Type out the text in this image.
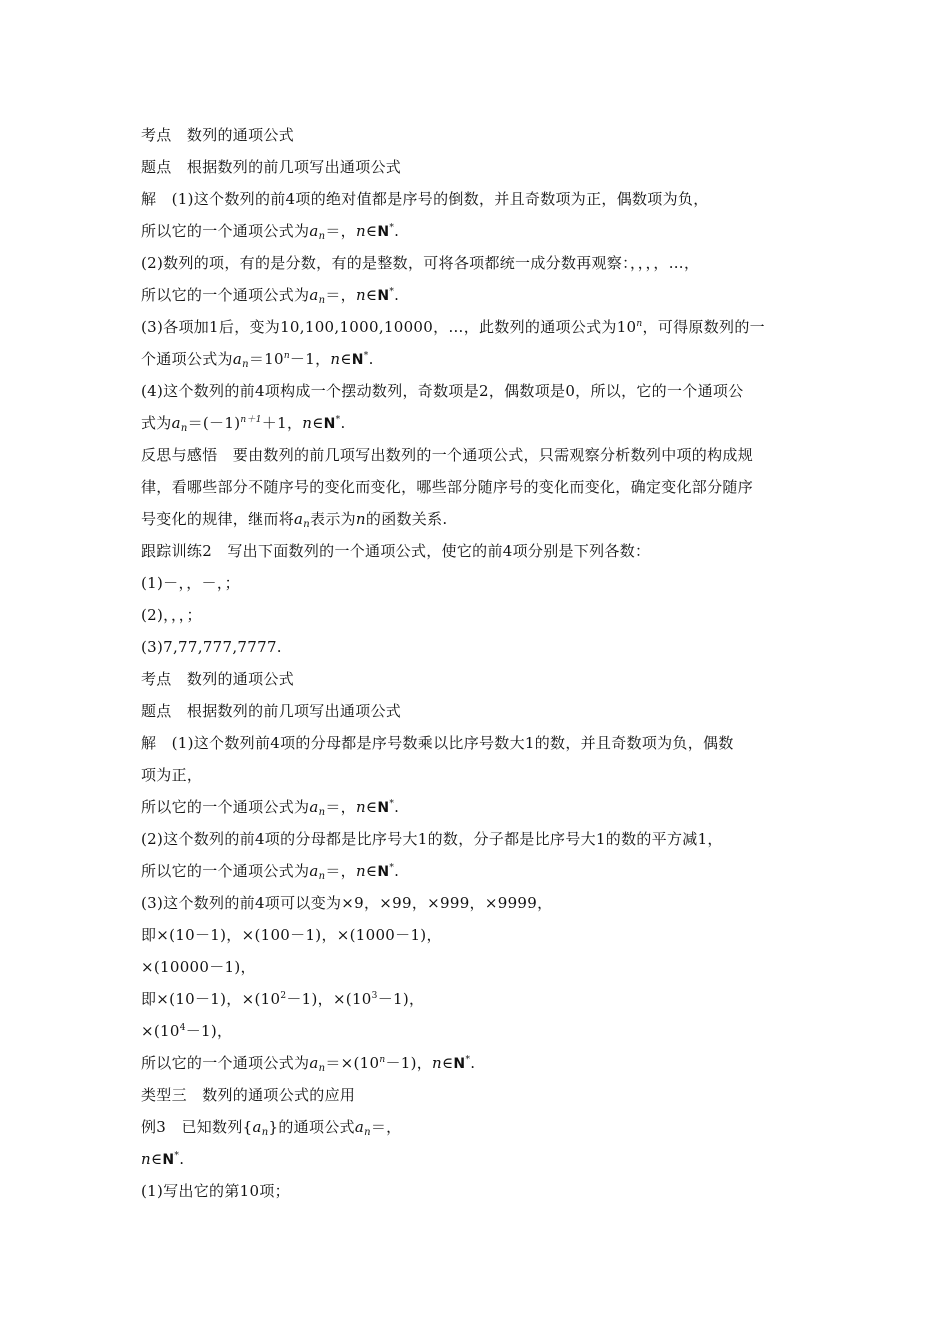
考点　数列的通项公式
题点　根据数列的前几项写出通项公式
解　(1)这个数列的前4项的绝对值都是序号的倒数，并且奇数项为正，偶数项为负，
所以它的一个通项公式为$a_n=$，n∈N*.
(2)数列的项，有的是分数，有的是整数，可将各项都统一成分数再观察：，，，，…，
所以它的一个通项公式为$a_n=$，n∈N*.
(3)各项加1后，变为10,100,1000,10000，…，此数列的通项公式为10$^n$，可得原数列的一
个通项公式为$a_n=10^n-1$，n∈N*.
(4)这个数列的前4项构成一个摆动数列，奇数项是2，偶数项是0，所以，它的一个通项公
式为$a_n=(-1)^{n+1}+1$，n∈N*.
反思与感悟　要由数列的前几项写出数列的一个通项公式，只需观察分析数列中项的构成规
律，看哪些部分不随序号的变化而变化，哪些部分随序号的变化而变化，确定变化部分随序
号变化的规律，继而将$a_n$表示为n的函数关系.
跟踪训练2　写出下面数列的一个通项公式，使它的前4项分别是下列各数：
(1)－，，－，；
(2)，，，；
(3)7,77,777,7777.
考点　数列的通项公式
题点　根据数列的前几项写出通项公式
解　(1)这个数列前4项的分母都是序号数乘以比序号数大1的数，并且奇数项为负，偶数
项为正，
所以它的一个通项公式为$a_n=$，n∈N*.
(2)这个数列的前4项的分母都是比序号大1的数，分子都是比序号大1的数的平方减1，
所以它的一个通项公式为$a_n=$，n∈N*.
(3)这个数列的前4项可以变为×9，×99，×999，×9999，
即×(10－1)，×(100－1)，×(1000－1)，
×(10000－1)，
即×(10－1)，$\times(10^2-1)$，$\times(10^3-1)$，
$\times(10^4-1)$，
所以它的一个通项公式为$a_n=\times(10^n-1)$，n∈N*.
类型三　数列的通项公式的应用
例3　已知数列$\{a_n\}$的通项公式$a_n=$，
n∈N*.
(1)写出它的第10项；
